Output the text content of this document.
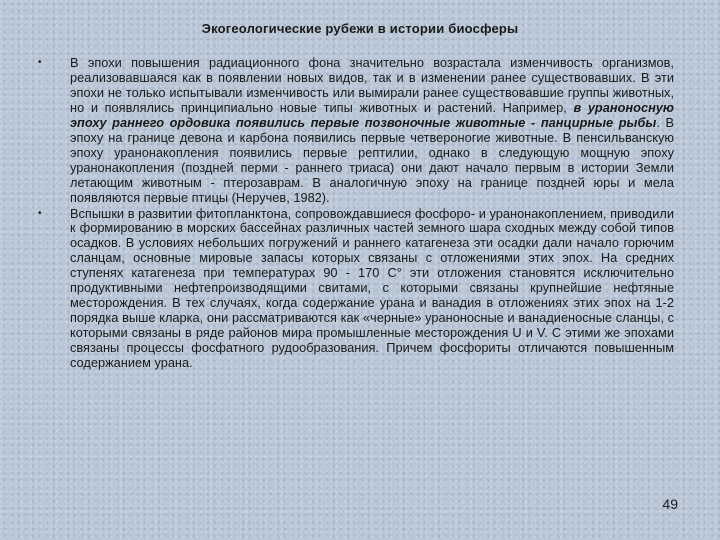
Экогеологические рубежи в истории биосферы
• В эпохи повышения радиационного фона значительно возрастала изменчивость организмов, реализовавшаяся как в появлении новых видов, так и в изменении ранее существовавших. В эти эпохи не только испытывали изменчивость или вымирали ранее существовавшие группы животных, но и появлялись принципиально новые типы животных и растений. Например, в ураноносную эпоху раннего ордовика появились первые позвоночные животные - панцирные рыбы. В эпоху на границе девона и карбона появились первые четвероногие животные. В пенсильванскую эпоху уранонакопления появились первые рептилии, однако в следующую мощную эпоху уранонакопления (поздней перми - раннего триаса) они дают начало первым в истории Земли летающим животным - птерозаврам. В аналогичную эпоху на границе поздней юры и мела появляются первые птицы (Неручев, 1982).
• Вспышки в развитии фитопланктона, сопровождавшиеся фосфоро- и уранонакоплением, приводили к формированию в морских бассейнах различных частей земного шара сходных между собой типов осадков. В условиях небольших погружений и раннего катагенеза эти осадки дали начало горючим сланцам, основные мировые запасы которых связаны с отложениями этих эпох. На средних ступенях катагенеза при температурах 90 - 170 С° эти отложения становятся исключительно продуктивными нефтепроизводящими свитами, с которыми связаны крупнейшие нефтяные месторождения. В тех случаях, когда содержание урана и ванадия в отложениях этих эпох на 1-2 порядка выше кларка, они рассматриваются как «черные» ураноносные и ванадиеносные сланцы, с которыми связаны в ряде районов мира промышленные месторождения U и V. С этими же эпохами связаны процессы фосфатного рудообразования. Причем фосфориты отличаются повышенным содержанием урана.
49
